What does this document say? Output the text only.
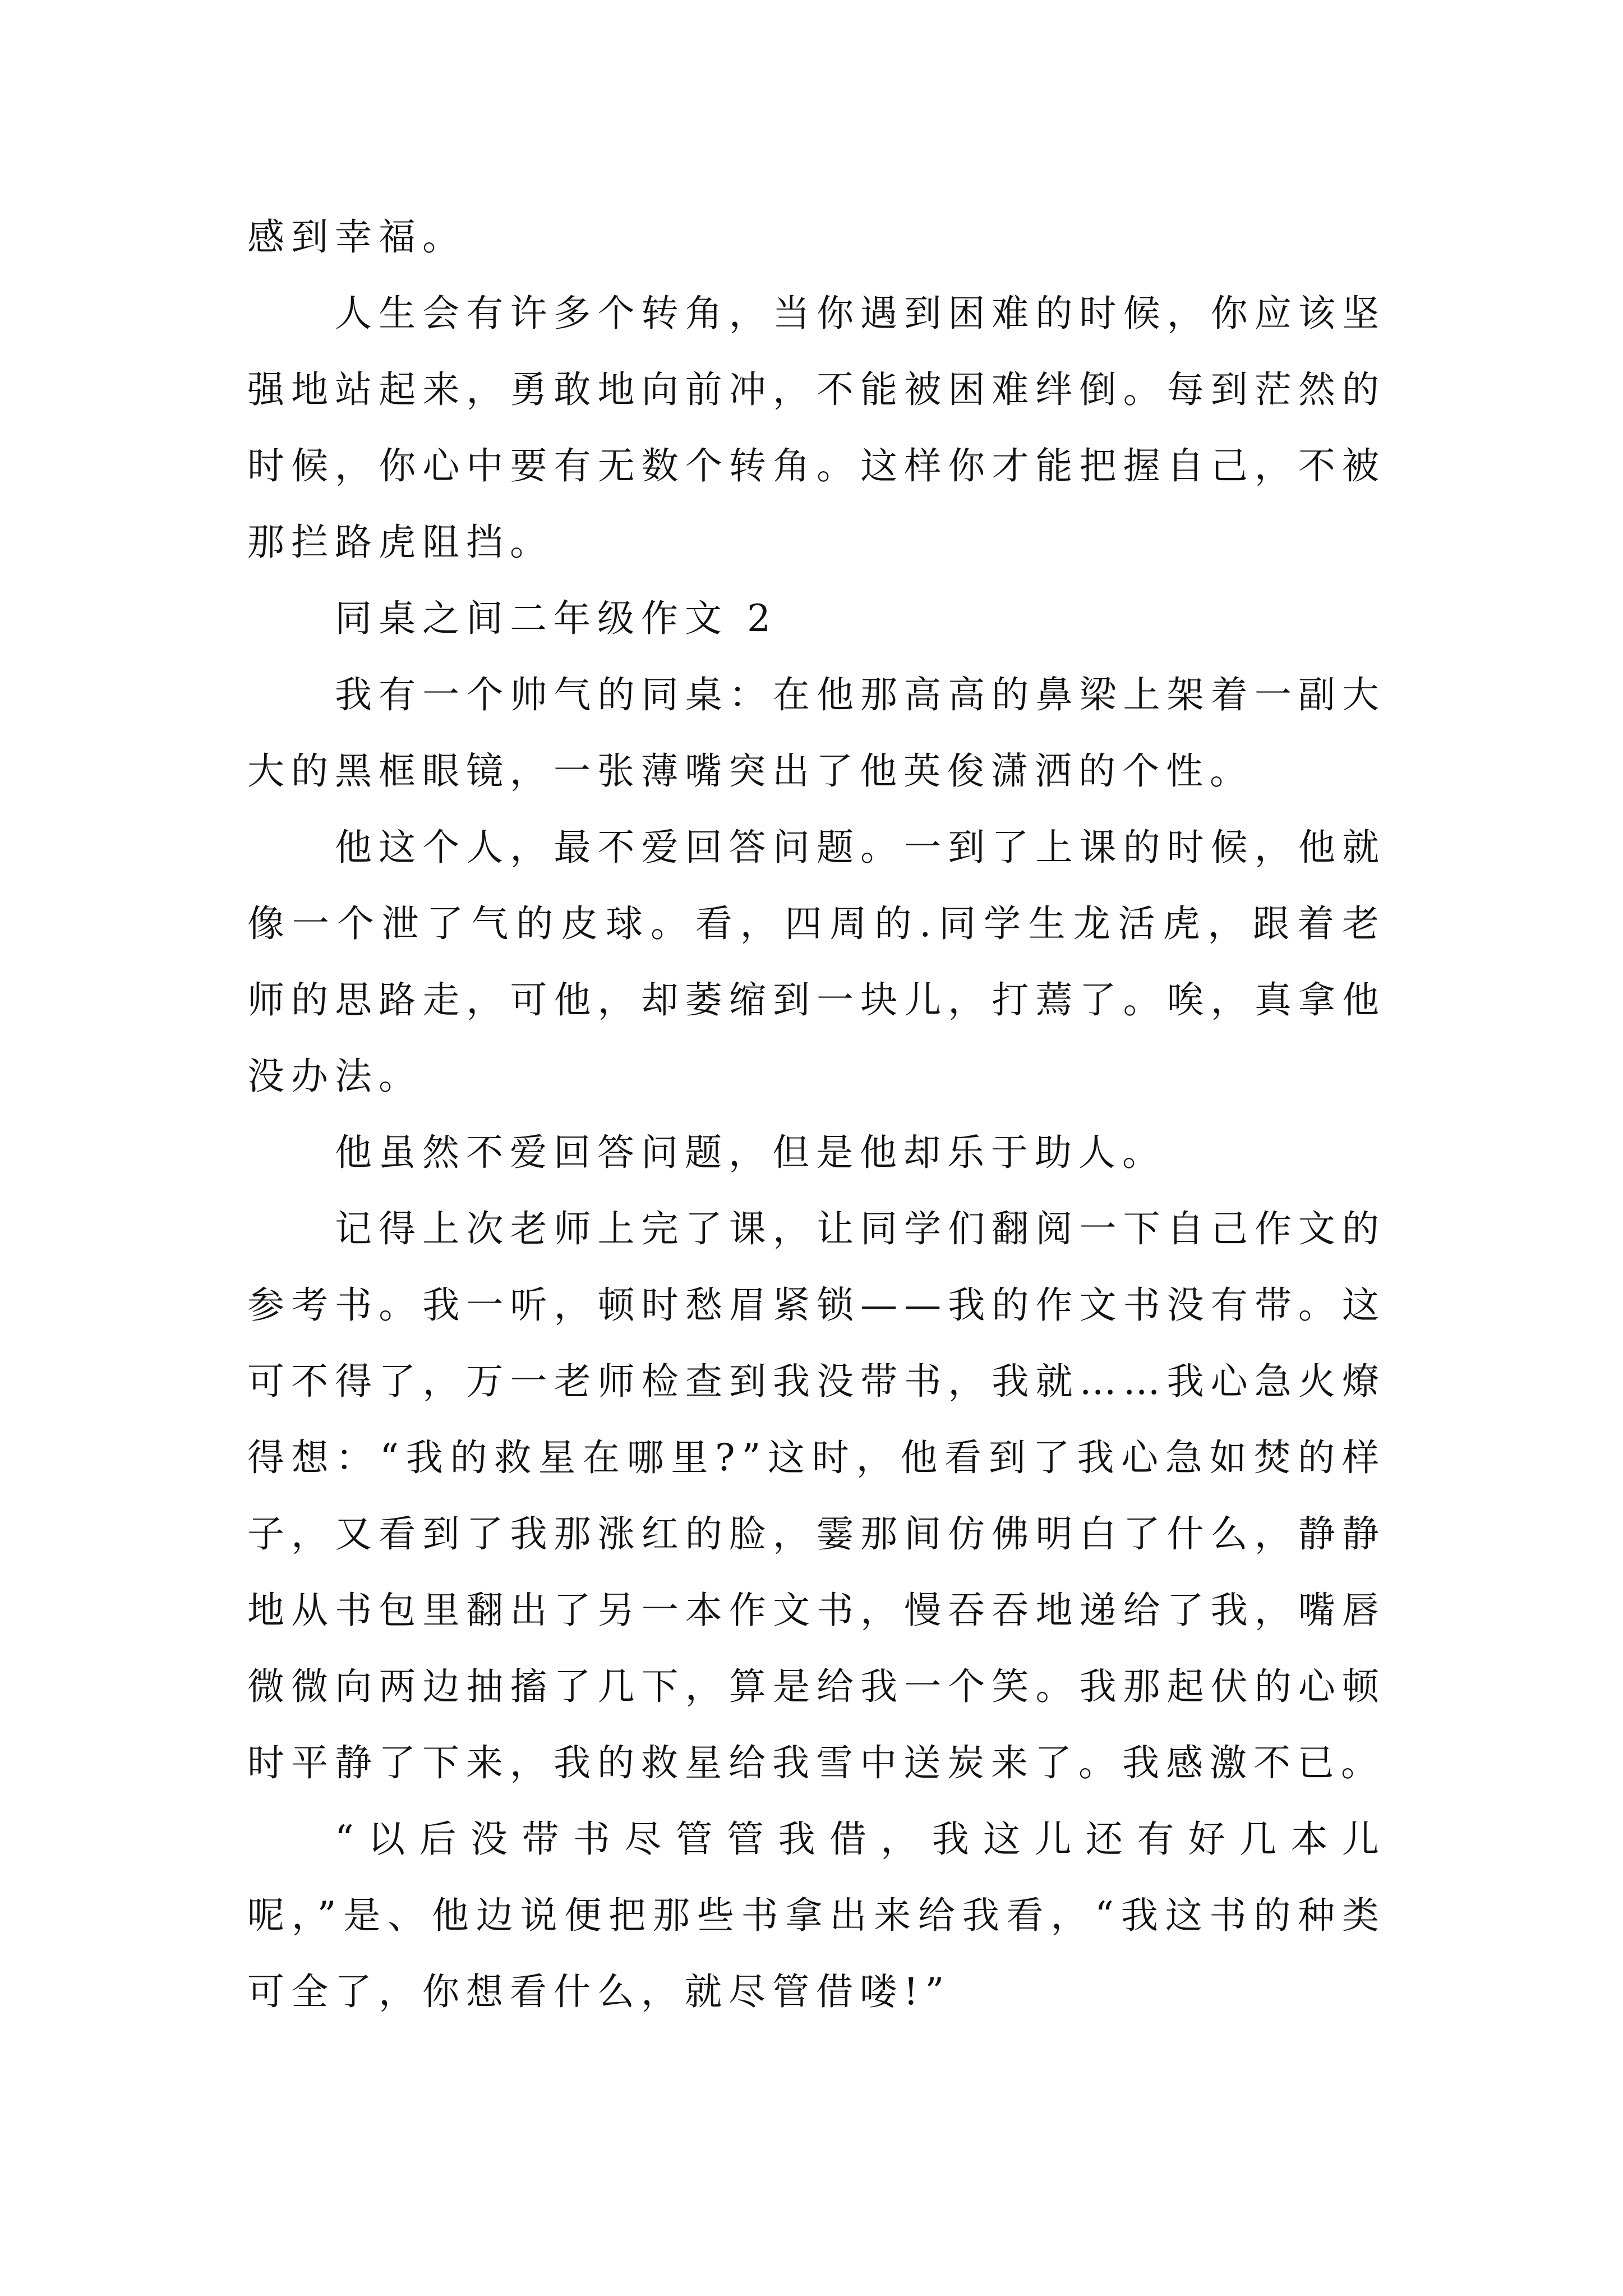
感到幸福。

人生会有许多个转角，当你遇到困难的时候，你应该坚强地站起来，勇敢地向前冲，不能被困难绊倒。每到茫然的时候，你心中要有无数个转角。这样你才能把握自己，不被那拦路虎阻挡。

同桌之间二年级作文 2

我有一个帅气的同桌：在他那高高的鼻梁上架着一副大大的黑框眼镜，一张薄嘴突出了他英俊潇洒的个性。

他这个人，最不爱回答问题。一到了上课的时候，他就像一个泄了气的皮球。看，四周的.同学生龙活虎，跟着老师的思路走，可他，却萎缩到一块儿，打蔫了。唉，真拿他没办法。

他虽然不爱回答问题，但是他却乐于助人。

记得上次老师上完了课，让同学们翻阅一下自己作文的参考书。我一听，顿时愁眉紧锁——我的作文书没有带。这可不得了，万一老师检查到我没带书，我就……我心急火燎得想：“我的救星在哪里?”这时，他看到了我心急如焚的样子，又看到了我那涨红的脸，霎那间仿佛明白了什么，静静地从书包里翻出了另一本作文书，慢吞吞地递给了我，嘴唇微微向两边抽搐了几下，算是给我一个笑。我那起伏的心顿时平静了下来，我的救星给我雪中送炭来了。我感激不已。

“以后没带书尽管管我借，我这儿还有好几本儿呢，”是、他边说便把那些书拿出来给我看，“我这书的种类可全了，你想看什么，就尽管借喽!”
